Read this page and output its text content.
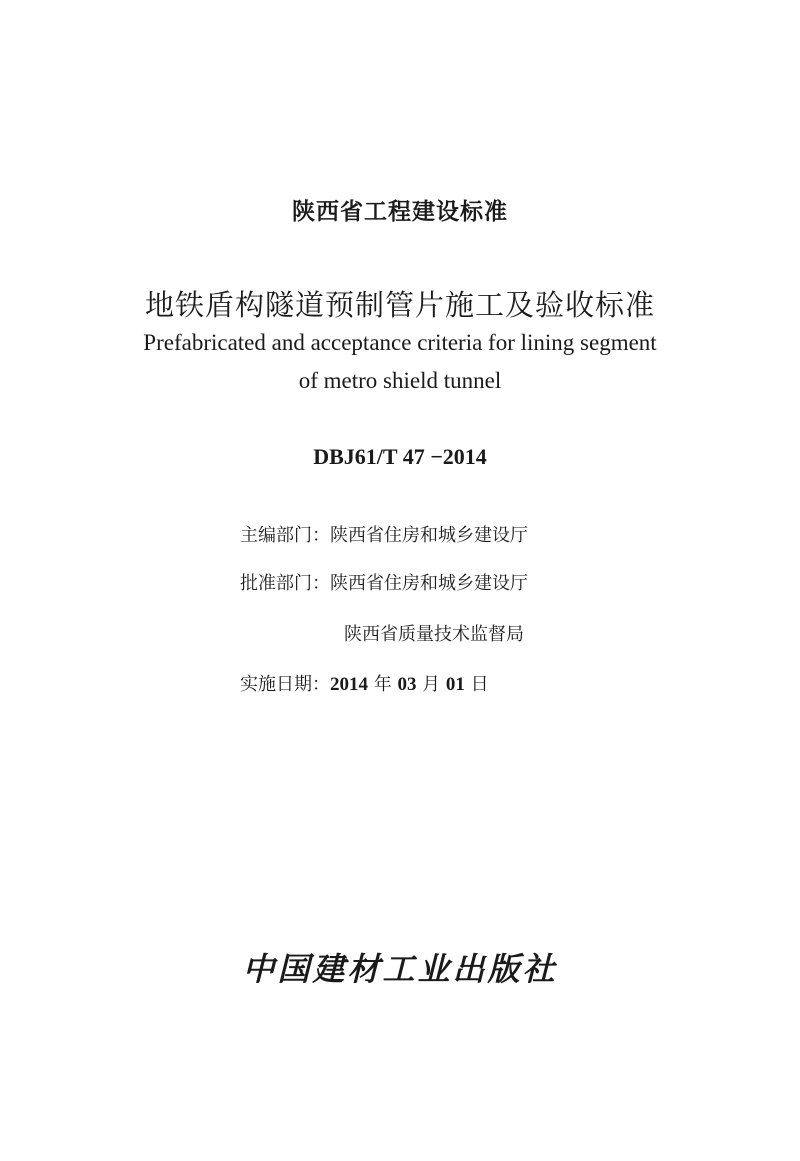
陕西省工程建设标准
地铁盾构隧道预制管片施工及验收标准
Prefabricated and acceptance criteria for lining segment
of metro shield tunnel
DBJ61/T 47 −2014
主编部门：陕西省住房和城乡建设厅
批准部门：陕西省住房和城乡建设厅
陕西省质量技术监督局
实施日期：2014 年 03 月 01 日
中国建材工业出版社
